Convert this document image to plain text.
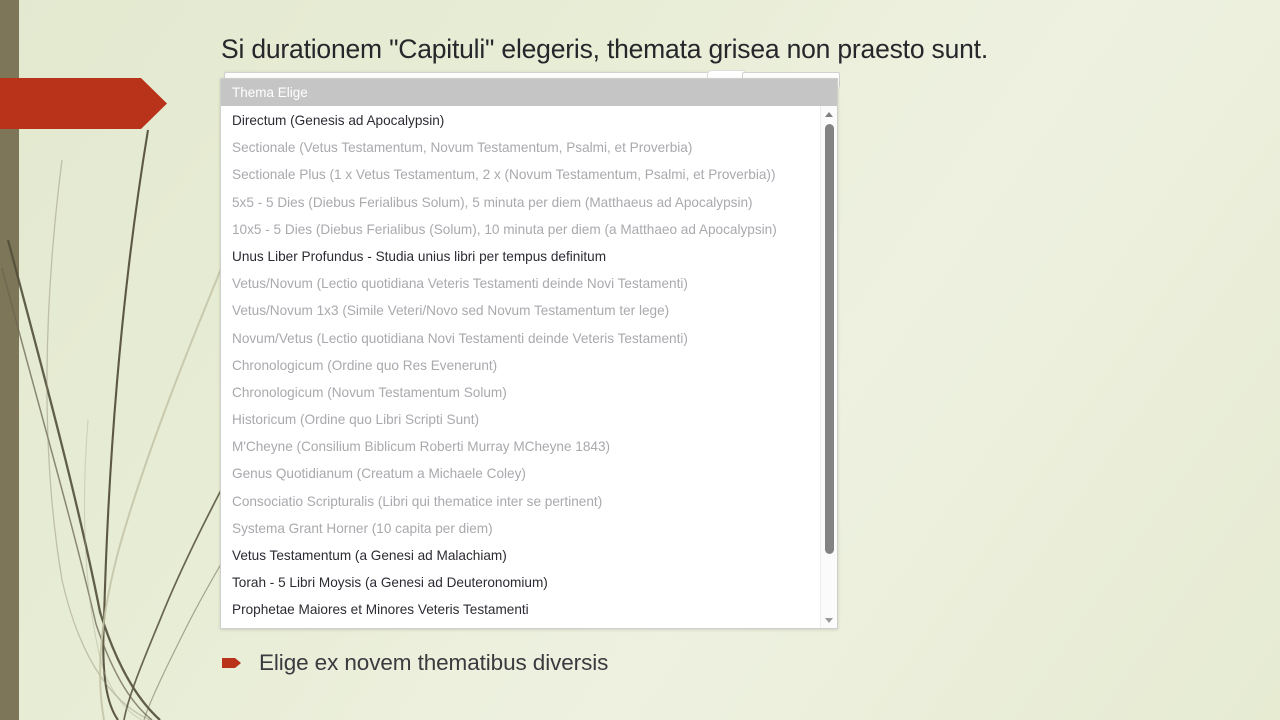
Si durationem "Capituli" elegeris, themata grisea non praesto sunt.
Thema Elige
Directum (Genesis ad Apocalypsin)
Sectionale (Vetus Testamentum, Novum Testamentum, Psalmi, et Proverbia)
Sectionale Plus (1 x Vetus Testamentum, 2 x (Novum Testamentum, Psalmi, et Proverbia))
5x5 - 5 Dies (Diebus Ferialibus Solum), 5 minuta per diem (Matthaeus ad Apocalypsin)
10x5 - 5 Dies (Diebus Ferialibus (Solum), 10 minuta per diem (a Matthaeo ad Apocalypsin)
Unus Liber Profundus - Studia unius libri per tempus definitum
Vetus/Novum (Lectio quotidiana Veteris Testamenti deinde Novi Testamenti)
Vetus/Novum 1x3 (Simile Veteri/Novo sed Novum Testamentum ter lege)
Novum/Vetus (Lectio quotidiana Novi Testamenti deinde Veteris Testamenti)
Chronologicum (Ordine quo Res Evenerunt)
Chronologicum (Novum Testamentum Solum)
Historicum (Ordine quo Libri Scripti Sunt)
M'Cheyne (Consilium Biblicum Roberti Murray MCheyne 1843)
Genus Quotidianum (Creatum a Michaele Coley)
Consociatio Scripturalis (Libri qui thematice inter se pertinent)
Systema Grant Horner (10 capita per diem)
Vetus Testamentum (a Genesi ad Malachiam)
Torah - 5 Libri Moysis (a Genesi ad Deuteronomium)
Prophetae Maiores et Minores Veteris Testamenti
Elige ex novem thematibus diversis
